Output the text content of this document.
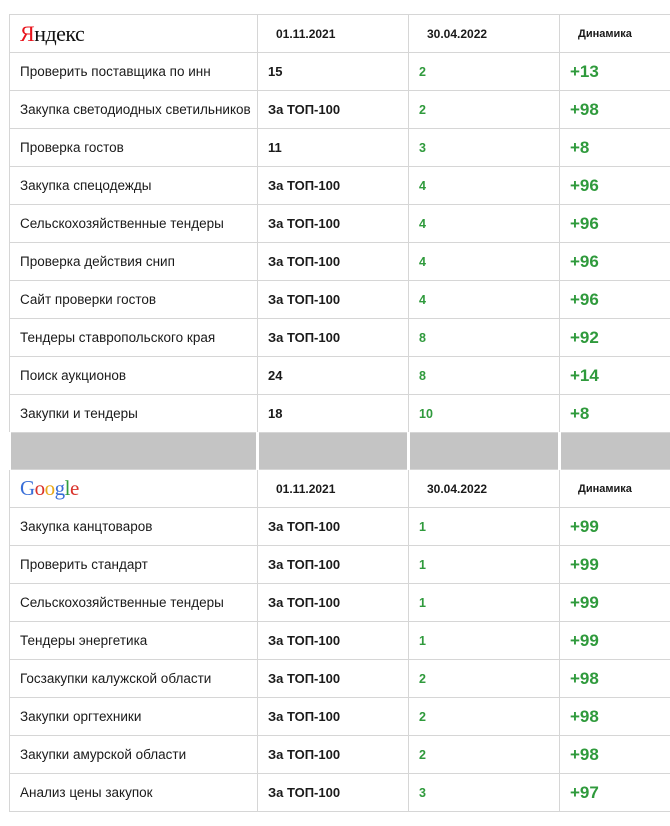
Яндекс	01.11.2021	30.04.2022	Динамика
Проверить поставщика по инн	15	2	+13
Закупка светодиодных светильников	За ТОП-100	2	+98
Проверка гостов	11	3	+8
Закупка спецодежды	За ТОП-100	4	+96
Сельскохозяйственные тендеры	За ТОП-100	4	+96
Проверка действия снип	За ТОП-100	4	+96
Сайт проверки гостов	За ТОП-100	4	+96
Тендеры ставропольского края	За ТОП-100	8	+92
Поиск аукционов	24	8	+14
Закупки и тендеры	18	10	+8

Google	01.11.2021	30.04.2022	Динамика
Закупка канцтоваров	За ТОП-100	1	+99
Проверить стандарт	За ТОП-100	1	+99
Сельскохозяйственные тендеры	За ТОП-100	1	+99
Тендеры энергетика	За ТОП-100	1	+99
Госзакупки калужской области	За ТОП-100	2	+98
Закупки оргтехники	За ТОП-100	2	+98
Закупки амурской области	За ТОП-100	2	+98
Анализ цены закупок	За ТОП-100	3	+97
